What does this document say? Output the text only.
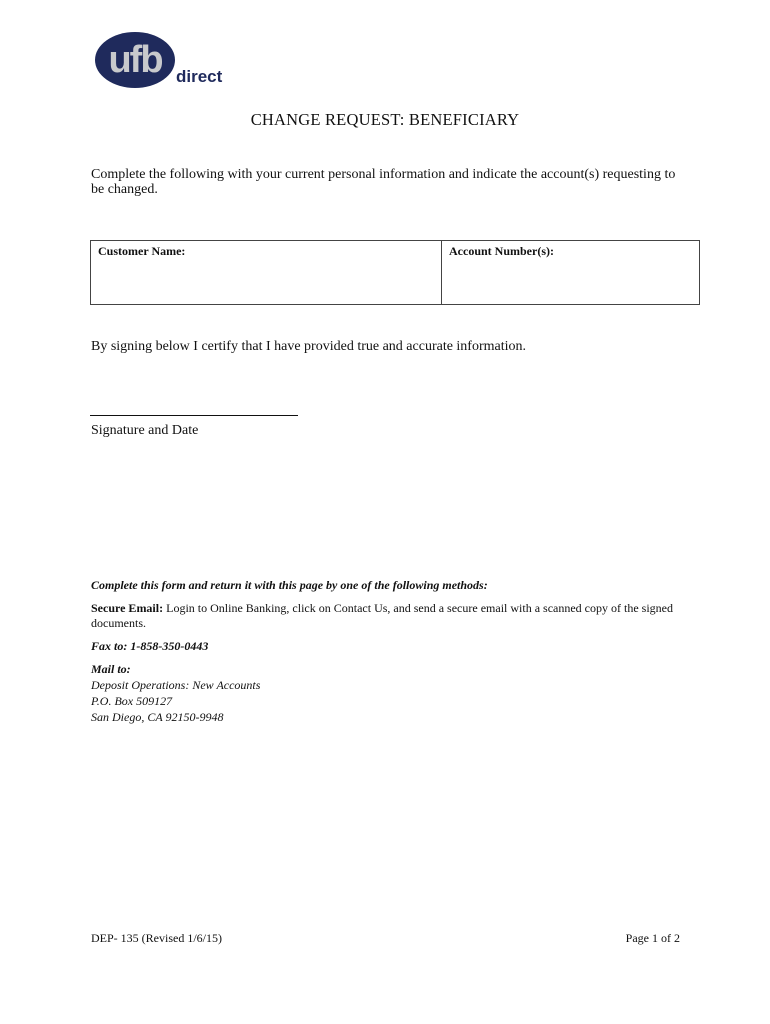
ufb direct
CHANGE REQUEST: BENEFICIARY
Complete the following with your current personal information and indicate the account(s) requesting to be changed.
Customer Name:	Account Number(s):
By signing below I certify that I have provided true and accurate information.
Signature and Date
Complete this form and return it with this page by one of the following methods:
Secure Email: Login to Online Banking, click on Contact Us, and send a secure email with a scanned copy of the signed documents.
Fax to: 1-858-350-0443
Mail to:
Deposit Operations: New Accounts
P.O. Box 509127
San Diego, CA 92150-9948
DEP- 135 (Revised 1/6/15)	Page 1 of 2
